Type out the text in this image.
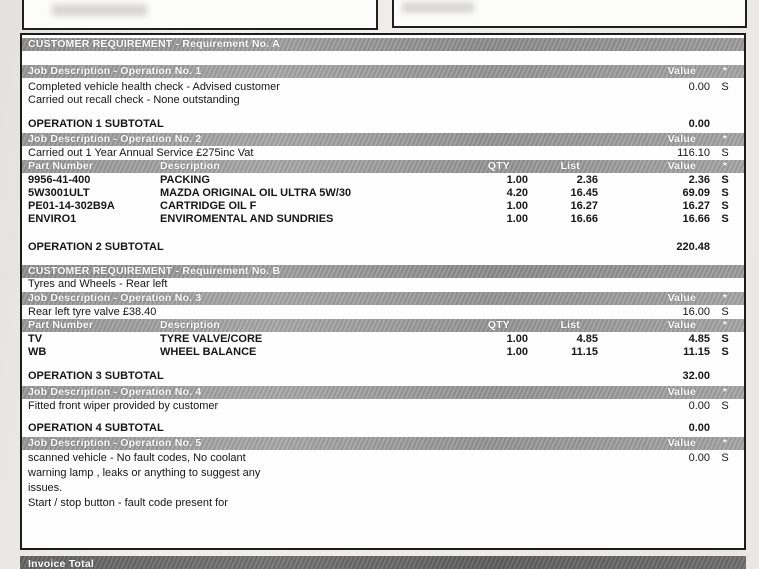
CUSTOMER REQUIREMENT - Requirement No. A
Job Description - Operation No. 1	Value	*
Completed vehicle health check - Advised customer	0.00	S
Carried out recall check - None outstanding
OPERATION 1 SUBTOTAL	0.00
Job Description - Operation No. 2	Value	*
Carried out 1 Year Annual Service £275inc Vat	116.10	S
Part Number	Description	QTY	List	Value	*
9956-41-400	PACKING	1.00	2.36	2.36	S
5W3001ULT	MAZDA ORIGINAL OIL ULTRA 5W/30	4.20	16.45	69.09	S
PE01-14-302B9A	CARTRIDGE OIL F	1.00	16.27	16.27	S
ENVIRO1	ENVIROMENTAL AND SUNDRIES	1.00	16.66	16.66	S
OPERATION 2 SUBTOTAL	220.48
CUSTOMER REQUIREMENT - Requirement No. B
Tyres and Wheels - Rear left
Job Description - Operation No. 3	Value	*
Rear left tyre valve £38.40	16.00	S
Part Number	Description	QTY	List	Value	*
TV	TYRE VALVE/CORE	1.00	4.85	4.85	S
WB	WHEEL BALANCE	1.00	11.15	11.15	S
OPERATION 3 SUBTOTAL	32.00
Job Description - Operation No. 4	Value	*
Fitted front wiper provided by customer	0.00	S
OPERATION 4 SUBTOTAL	0.00
Job Description - Operation No. 5	Value	*
scanned vehicle - No fault codes, No coolant	0.00	S
warning lamp , leaks or anything to suggest any
issues.
Start / stop button - fault code present for
Invoice Total
